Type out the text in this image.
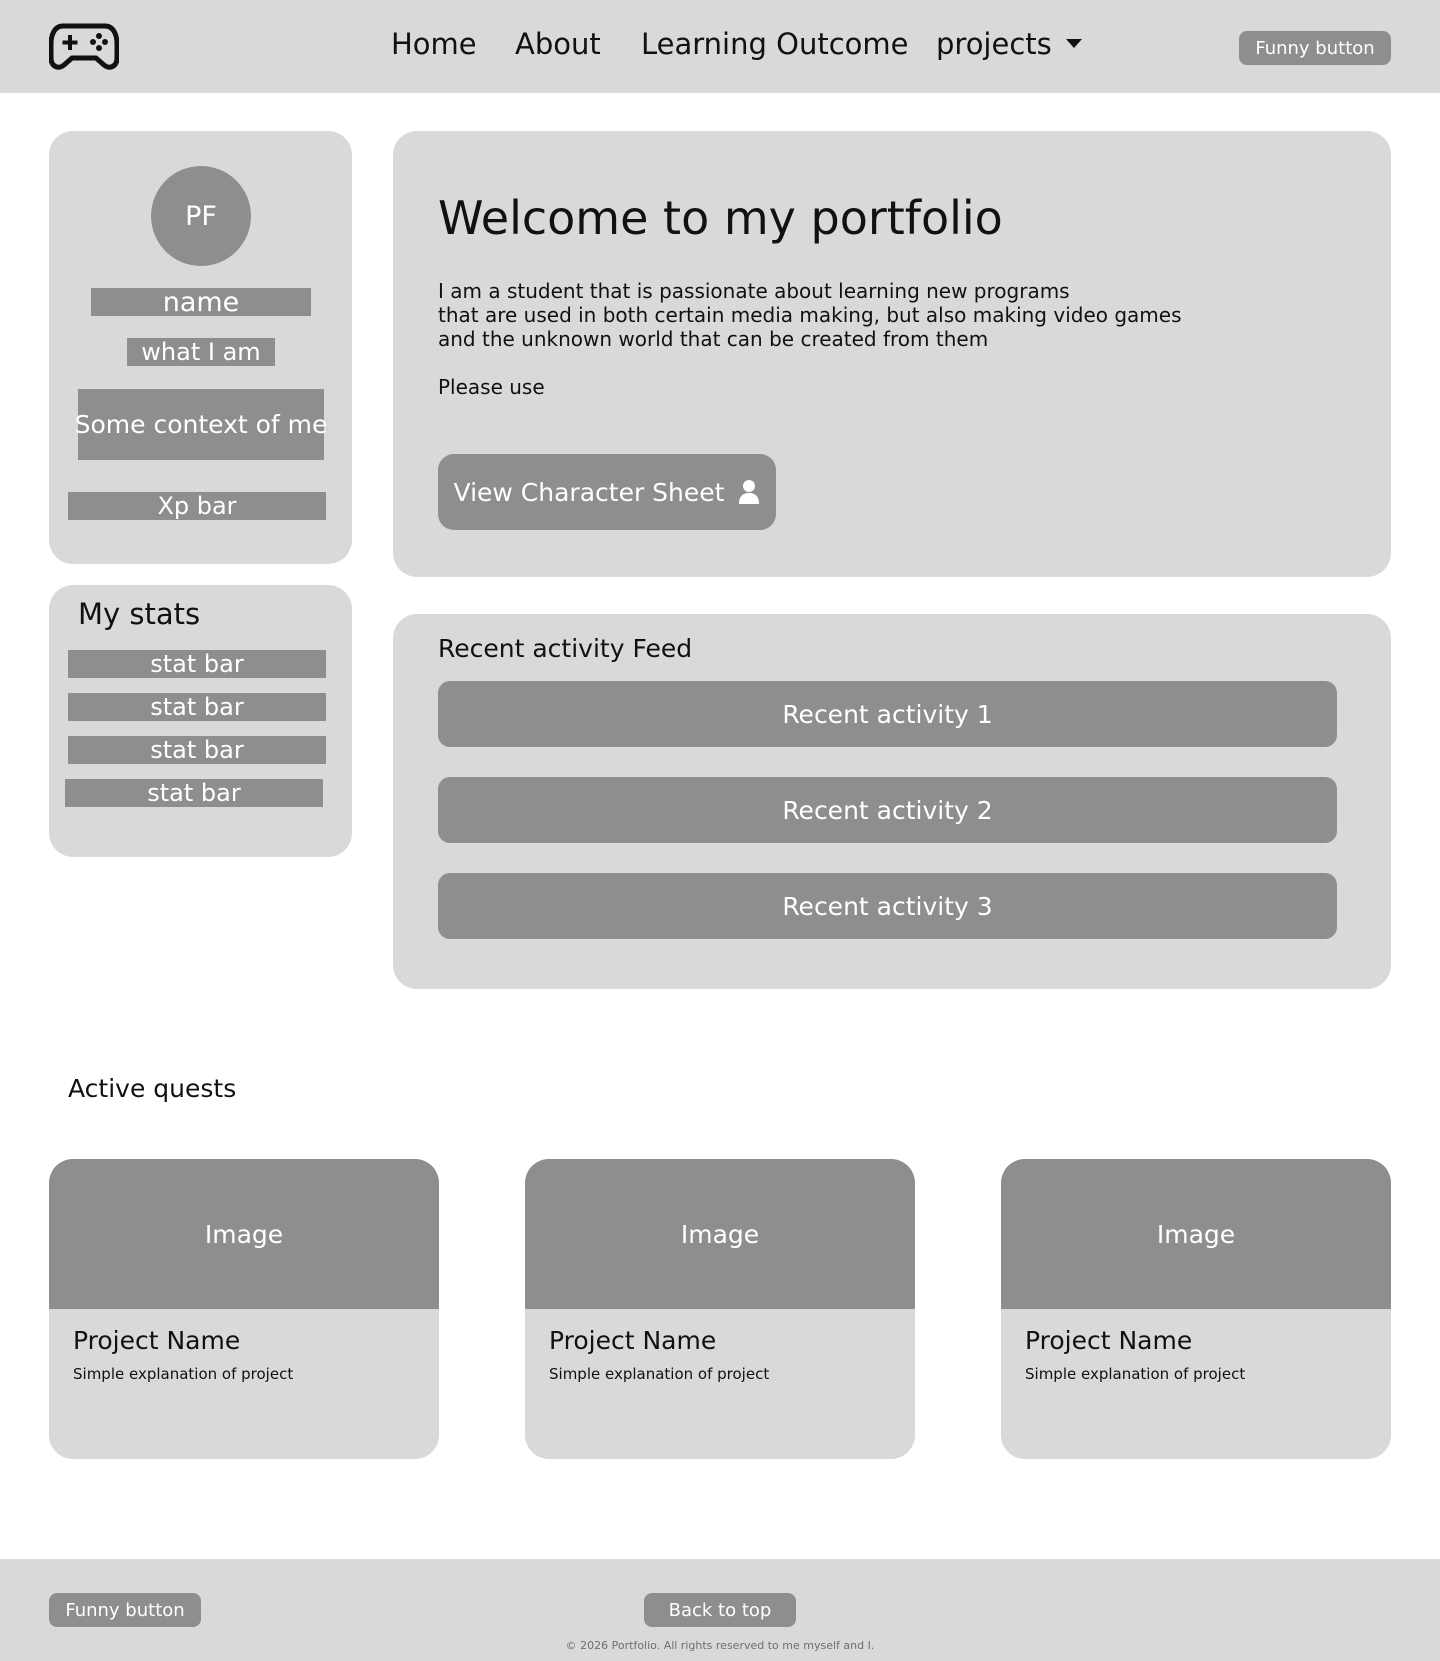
Home About Learning Outcome projects	Funny button
PF
name
what I am
Some context of me
Xp bar
My stats
stat bar
stat bar
stat bar
stat bar
Welcome to my portfolio
I am a student that is passionate about learning new programs
that are used in both certain media making, but also making video games
and the unknown world that can be created from them
Please use
View Character Sheet
Recent activity Feed
Recent activity 1
Recent activity 2
Recent activity 3
Active quests
Image
Project Name
Simple explanation of project
Image
Project Name
Simple explanation of project
Image
Project Name
Simple explanation of project
Funny button	Back to top
© 2026 Portfolio. All rights reserved to me myself and I.
